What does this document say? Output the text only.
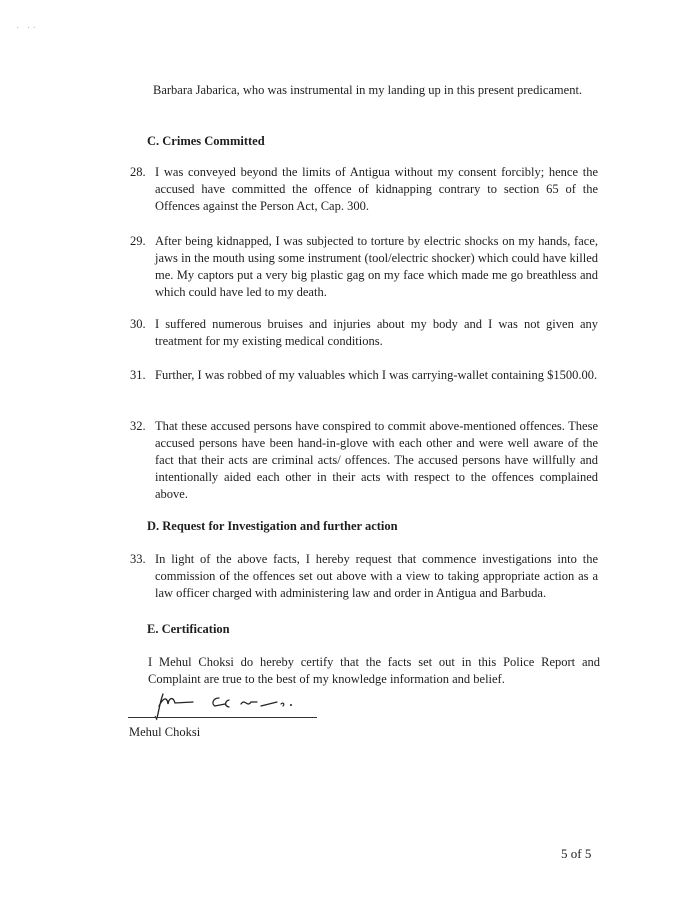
·   · ·
Barbara Jabarica, who was instrumental in my landing up in this present predicament.
C. Crimes Committed
28. I was conveyed beyond the limits of Antigua without my consent forcibly; hence the accused have committed the offence of kidnapping contrary to section 65 of the Offences against the Person Act, Cap. 300.
29. After being kidnapped, I was subjected to torture by electric shocks on my hands, face, jaws in the mouth using some instrument (tool/electric shocker) which could have killed me. My captors put a very big plastic gag on my face which made me go breathless and which could have led to my death.
30. I suffered numerous bruises and injuries about my body and I was not given any treatment for my existing medical conditions.
31. Further, I was robbed of my valuables which I was carrying-wallet containing $1500.00.
32. That these accused persons have conspired to commit above-mentioned offences. These accused persons have been hand-in-glove with each other and were well aware of the fact that their acts are criminal acts/ offences. The accused persons have willfully and intentionally aided each other in their acts with respect to the offences complained above.
D. Request for Investigation and further action
33. In light of the above facts, I hereby request that commence investigations into the commission of the offences set out above with a view to taking appropriate action as a law officer charged with administering law and order in Antigua and Barbuda.
E. Certification
I Mehul Choksi do hereby certify that the facts set out in this Police Report and Complaint are true to the best of my knowledge information and belief.
Mehul Choksi
5 of 5
